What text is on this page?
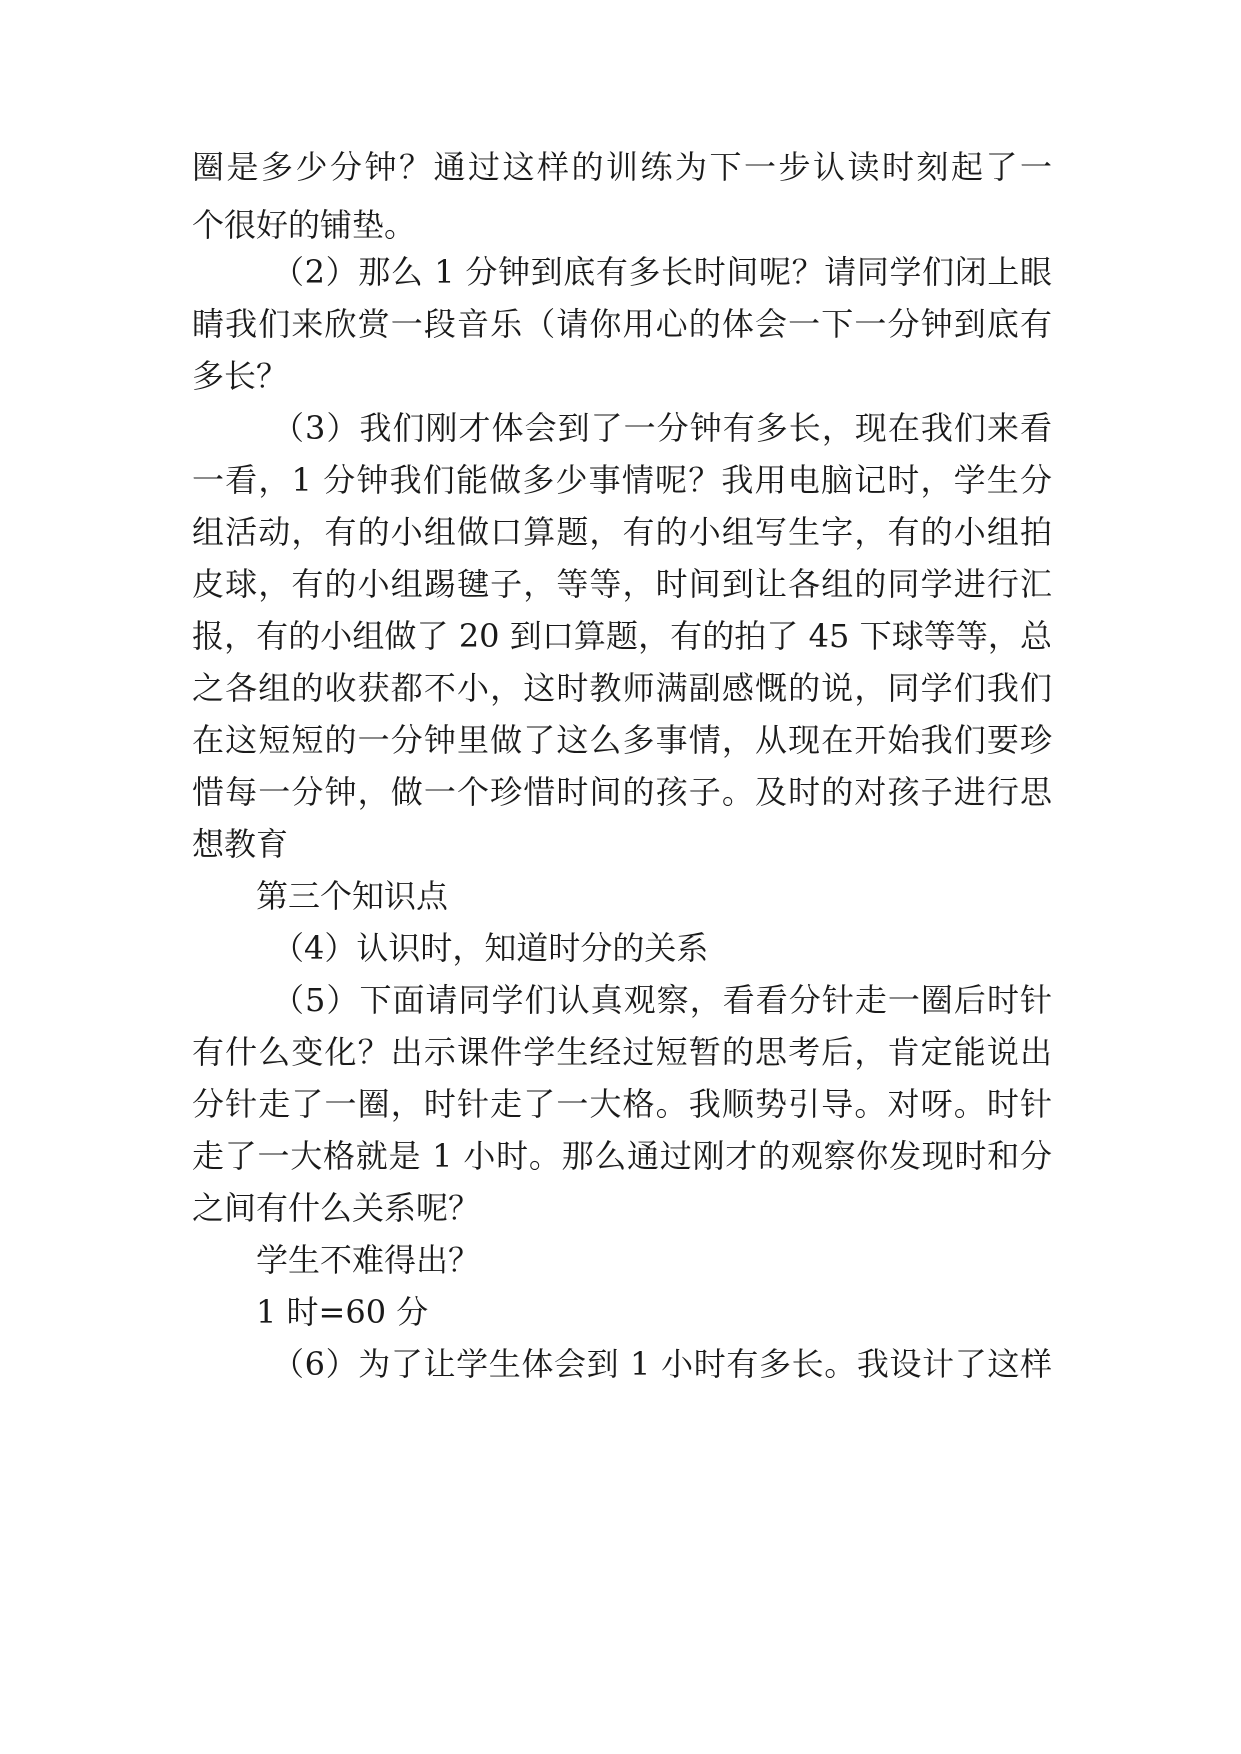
圈是多少分钟？通过这样的训练为下一步认读时刻起了一
个很好的铺垫。
（2）那么 1 分钟到底有多长时间呢？请同学们闭上眼
睛我们来欣赏一段音乐（请你用心的体会一下一分钟到底有
多长？
（3）我们刚才体会到了一分钟有多长，现在我们来看
一看，1 分钟我们能做多少事情呢？我用电脑记时，学生分
组活动，有的小组做口算题，有的小组写生字，有的小组拍
皮球，有的小组踢毽子，等等，时间到让各组的同学进行汇
报，有的小组做了 20 到口算题，有的拍了 45 下球等等，总
之各组的收获都不小，这时教师满副感慨的说，同学们我们
在这短短的一分钟里做了这么多事情，从现在开始我们要珍
惜每一分钟，做一个珍惜时间的孩子。及时的对孩子进行思
想教育
第三个知识点
（4）认识时，知道时分的关系
（5）下面请同学们认真观察，看看分针走一圈后时针
有什么变化？出示课件学生经过短暂的思考后，肯定能说出
分针走了一圈，时针走了一大格。我顺势引导。对呀。时针
走了一大格就是 1 小时。那么通过刚才的观察你发现时和分
之间有什么关系呢？
学生不难得出？
1 时=60 分
（6）为了让学生体会到 1 小时有多长。我设计了这样
